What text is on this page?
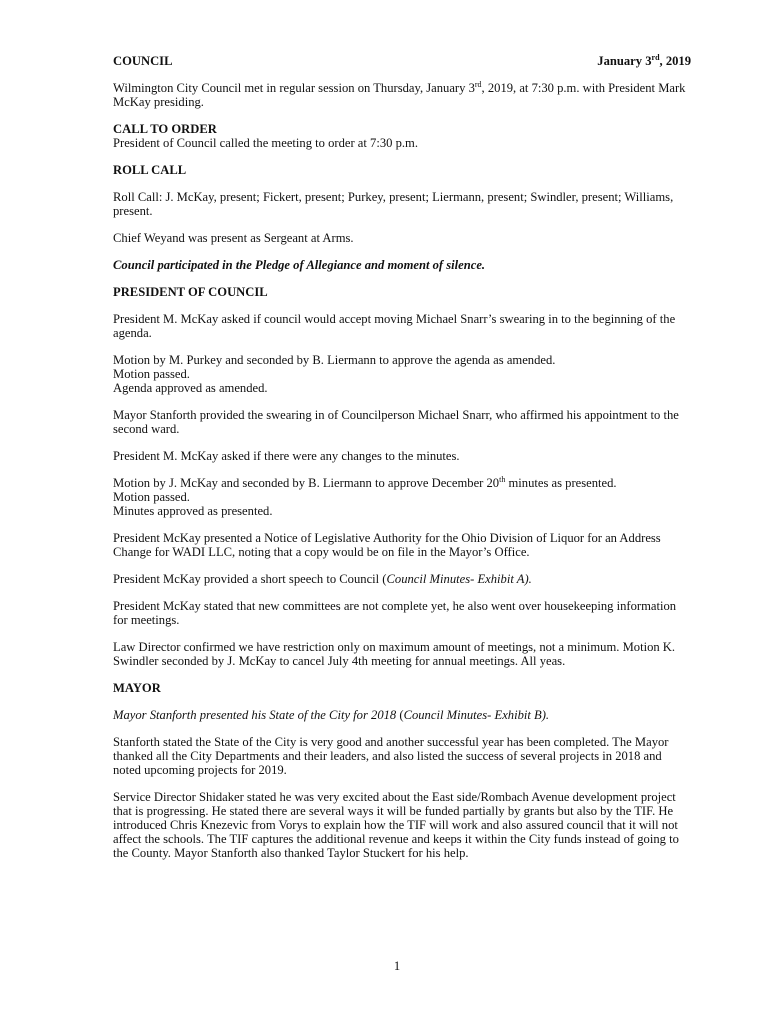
COUNCIL	January 3rd, 2019

Wilmington City Council met in regular session on Thursday, January 3rd, 2019, at 7:30 p.m. with President Mark McKay presiding.

CALL TO ORDER

President of Council called the meeting to order at 7:30 p.m.

ROLL CALL

Roll Call: J. McKay, present; Fickert, present; Purkey, present; Liermann, present; Swindler, present; Williams, present.

Chief Weyand was present as Sergeant at Arms.

Council participated in the Pledge of Allegiance and moment of silence.

PRESIDENT OF COUNCIL

President M. McKay asked if council would accept moving Michael Snarr’s swearing in to the beginning of the agenda.

Motion by M. Purkey and seconded by B. Liermann to approve the agenda as amended.
Motion passed.
Agenda approved as amended.

Mayor Stanforth provided the swearing in of Councilperson Michael Snarr, who affirmed his appointment to the second ward.

President M. McKay asked if there were any changes to the minutes.

Motion by J. McKay and seconded by B. Liermann to approve December 20th minutes as presented.
Motion passed.
Minutes approved as presented.

President McKay presented a Notice of Legislative Authority for the Ohio Division of Liquor for an Address Change for WADI LLC, noting that a copy would be on file in the Mayor’s Office.

President McKay provided a short speech to Council (Council Minutes- Exhibit A).

President McKay stated that new committees are not complete yet, he also went over housekeeping information for meetings.

Law Director confirmed we have restriction only on maximum amount of meetings, not a minimum. Motion K. Swindler seconded by J. McKay to cancel July 4th meeting for annual meetings. All yeas.

MAYOR

Mayor Stanforth presented his State of the City for 2018 (Council Minutes- Exhibit B).

Stanforth stated the State of the City is very good and another successful year has been completed. The Mayor thanked all the City Departments and their leaders, and also listed the success of several projects in 2018 and noted upcoming projects for 2019.

Service Director Shidaker stated he was very excited about the East side/Rombach Avenue development project that is progressing. He stated there are several ways it will be funded partially by grants but also by the TIF. He introduced Chris Knezevic from Vorys to explain how the TIF will work and also assured council that it will not affect the schools. The TIF captures the additional revenue and keeps it within the City funds instead of going to the County. Mayor Stanforth also thanked Taylor Stuckert for his help.

1
